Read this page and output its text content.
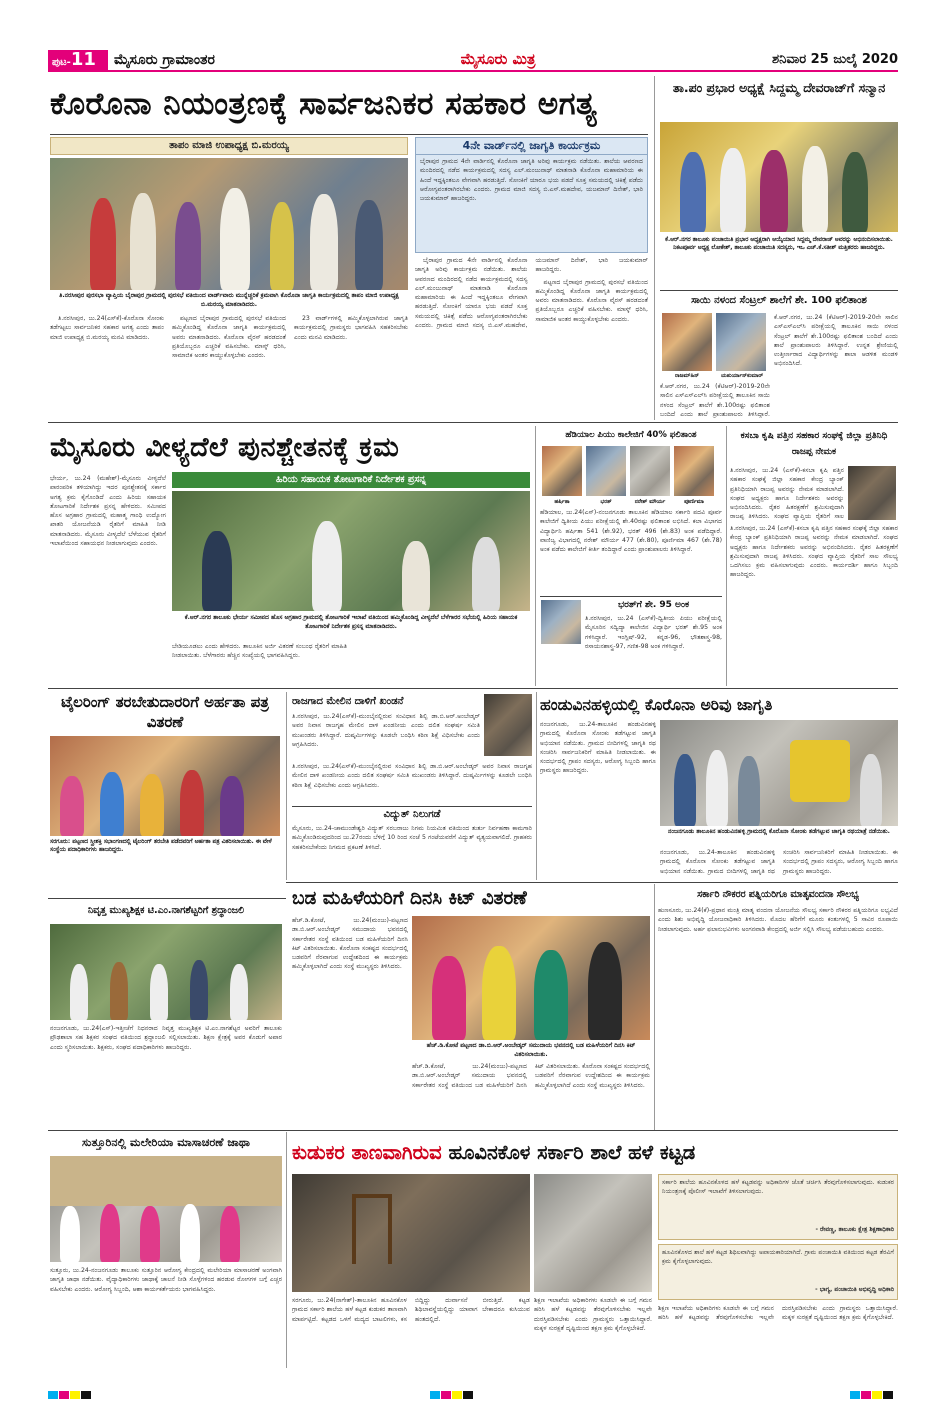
ಪುಟ-11	ಮೈಸೂರು ಗ್ರಾಮಾಂತರ	ಮೈಸೂರು ಮಿತ್ರ	ಶನಿವಾರ 25 ಜುಲೈ 2020
ಕೊರೊನಾ ನಿಯಂತ್ರಣಕ್ಕೆ ಸಾರ್ವಜನಿಕರ ಸಹಕಾರ ಅಗತ್ಯ
ತಾಪಂ ಮಾಜಿ ಉಪಾಧ್ಯಕ್ಷ ಬಿ.ಮರಯ್ಯ
ತಿ.ನರಸೀಪುರ ಪುರಸಭಾ ವ್ಯಾಪ್ತಿಯ ಬೈರಾಪುರ ಗ್ರಾಮದಲ್ಲಿ ಪುರಸಭೆ ವತಿಯಿಂದ ವಾರ್ಡ್‌ವಾರು ಮುನ್ನೆಚ್ಚರಿಕೆ ಕ್ರಮವಾಗಿ ಕೊರೊನಾ ಜಾಗೃತಿ ಕಾರ್ಯಕ್ರಮದಲ್ಲಿ ತಾಪಂ ಮಾಜಿ ಉಪಾಧ್ಯಕ್ಷ ಬಿ.ಮರಯ್ಯ ಮಾತನಾಡಿದರು.

ತಿ.ನರಸೀಪುರ, ಜು.24(ಎಸ್‌ಕೆ)-ಕೊರೊನಾ ಸೋಂಕು ತಡೆಗಟ್ಟಲು ಸಾರ್ವಜನಿಕರ ಸಹಕಾರ ಅಗತ್ಯ ಎಂದು ತಾಪಂ ಮಾಜಿ ಉಪಾಧ್ಯಕ್ಷ ಬಿ.ಮರಯ್ಯ ಮನವಿ ಮಾಡಿದರು.

ಪಟ್ಟಣದ ಬೈರಾಪುರ ಗ್ರಾಮದಲ್ಲಿ ಪುರಸಭೆ ವತಿಯಿಂದ ಹಮ್ಮಿಕೊಂಡಿದ್ದ ಕೊರೊನಾ ಜಾಗೃತಿ ಕಾರ್ಯಕ್ರಮದಲ್ಲಿ ಅವರು ಮಾತನಾಡಿದರು. ಕೊರೊನಾ ವೈರಸ್ ಹರಡದಂತೆ ಪ್ರತಿಯೊಬ್ಬರೂ ಎಚ್ಚರಿಕೆ ವಹಿಸಬೇಕು. ಮಾಸ್ಕ್ ಧರಿಸಿ, ಸಾಮಾಜಿಕ ಅಂತರ ಕಾಯ್ದುಕೊಳ್ಳಬೇಕು ಎಂದರು.

23 ವಾರ್ಡ್‌ಗಳಲ್ಲಿ ಹಮ್ಮಿಕೊಳ್ಳಲಾಗಿರುವ ಜಾಗೃತಿ ಕಾರ್ಯಕ್ರಮದಲ್ಲಿ ಗ್ರಾಮಸ್ಥರು ಭಾಗವಹಿಸಿ ಸಹಕರಿಸಬೇಕು ಎಂದು ಮನವಿ ಮಾಡಿದರು.

4ನೇ ವಾರ್ಡ್‌ನಲ್ಲಿ ಜಾಗೃತಿ ಕಾರ್ಯಕ್ರಮ
ಬೈರಾಪುರ ಗ್ರಾಮದ 4ನೇ ವಾರ್ಡಿನಲ್ಲಿ ಕೊರೊನಾ ಜಾಗೃತಿ ಅರಿವು ಕಾರ್ಯಕ್ರಮ ನಡೆಯಿತು. ಶಾಲೆಯ ಆವರಣದ ಮಂದಿರದಲ್ಲಿ ನಡೆದ ಕಾರ್ಯಕ್ರಮದಲ್ಲಿ ಸದಸ್ಯ ಎಲ್.ಮಂಜುನಾಥ್ ಮಾತನಾಡಿ ಕೊರೊನಾ ಮಹಾಮಾರಿಯ ಈ ಹಿಂದೆ ಇದ್ದಕ್ಕಿಂತಲೂ ವೇಗವಾಗಿ ಹರಡುತ್ತಿದೆ. ಸೋಂಕಿಗೆ ಯಾರೂ ಭಯ ಪಡದೆ ಸೂಕ್ತ ಸಮಯದಲ್ಲಿ ಚಿಕಿತ್ಸೆ ಪಡೆದು ಆರೋಗ್ಯವಂತರಾಗಿರಬೇಕು ಎಂದರು. ಗ್ರಾಮದ ಮಾಜಿ ಸದಸ್ಯ ಬಿ.ಎಸ್.ಮಹದೇವ, ಯಜಮಾನ್ ದಿನೇಶ್, ಭಾರಿ ಜಯಕುಮಾರ್ ಹಾಜರಿದ್ದರು.

ಬೈರಾಪುರ ಗ್ರಾಮದ 4ನೇ ವಾರ್ಡಿನಲ್ಲಿ ಕೊರೊನಾ ಜಾಗೃತಿ ಅರಿವು ಕಾರ್ಯಕ್ರಮ ನಡೆಯಿತು. ಶಾಲೆಯ ಆವರಣದ ಮಂದಿರದಲ್ಲಿ ನಡೆದ ಕಾರ್ಯಕ್ರಮದಲ್ಲಿ ಸದಸ್ಯ ಎಲ್.ಮಂಜುನಾಥ್ ಮಾತನಾಡಿ ಕೊರೊನಾ ಮಹಾಮಾರಿಯ ಈ ಹಿಂದೆ ಇದ್ದಕ್ಕಿಂತಲೂ ವೇಗವಾಗಿ ಹರಡುತ್ತಿದೆ. ಸೋಂಕಿಗೆ ಯಾರೂ ಭಯ ಪಡದೆ ಸೂಕ್ತ ಸಮಯದಲ್ಲಿ ಚಿಕಿತ್ಸೆ ಪಡೆದು ಆರೋಗ್ಯವಂತರಾಗಿರಬೇಕು ಎಂದರು. ಗ್ರಾಮದ ಮಾಜಿ ಸದಸ್ಯ ಬಿ.ಎಸ್.ಮಹದೇವ, ಯಜಮಾನ್ ದಿನೇಶ್, ಭಾರಿ ಜಯಕುಮಾರ್ ಹಾಜರಿದ್ದರು.

ಪಟ್ಟಣದ ಬೈರಾಪುರ ಗ್ರಾಮದಲ್ಲಿ ಪುರಸಭೆ ವತಿಯಿಂದ ಹಮ್ಮಿಕೊಂಡಿದ್ದ ಕೊರೊನಾ ಜಾಗೃತಿ ಕಾರ್ಯಕ್ರಮದಲ್ಲಿ ಅವರು ಮಾತನಾಡಿದರು. ಕೊರೊನಾ ವೈರಸ್ ಹರಡದಂತೆ ಪ್ರತಿಯೊಬ್ಬರೂ ಎಚ್ಚರಿಕೆ ವಹಿಸಬೇಕು. ಮಾಸ್ಕ್ ಧರಿಸಿ, ಸಾಮಾಜಿಕ ಅಂತರ ಕಾಯ್ದುಕೊಳ್ಳಬೇಕು ಎಂದರು.

ತಾ.ಪಂ ಪ್ರಭಾರ ಅಧ್ಯಕ್ಷೆ ಸಿದ್ದಮ್ಮ ದೇವರಾಜ್‌ಗೆ ಸನ್ಮಾನ
ಕೆ.ಆರ್.ನಗರ ತಾಲೂಕು ಪಂಚಾಯಿತಿ ಪ್ರಭಾರ ಅಧ್ಯಕ್ಷರಾಗಿ ಆಯ್ಕೆಯಾದ ಸಿದ್ದಮ್ಮ ದೇವರಾಜ್ ಅವರನ್ನು ಅಭಿನಂದಿಸಲಾಯಿತು. ನಿಕಟಪೂರ್ವ ಅಧ್ಯಕ್ಷ ಲೋಕೇಶ್, ತಾಲೂಕು ಪಂಚಾಯಿತಿ ಸದಸ್ಯರು, ಇಒ ಎಚ್.ಕೆ.ಸತೀಶ್ ಮತ್ತಿತರರು ಹಾಜರಿದ್ದರು.
ಸಾಯಿ ನಳಂದ ಸೆಂಟ್ರಲ್ ಶಾಲೆಗೆ ಶೇ. 100 ಫಲಿತಾಂಶ
ರಾಜಮ್‌ಹಿನ್	ಯಶುರ್ಯಾನ್‌ಕುಮಾರ್
ಕೆ.ಆರ್.ನಗರ, ಜು.24 (ಕೆಟಿಆರ್)-2019-20ನೇ ಸಾಲಿನ ಎಸ್‌ಎಸ್‌ಎಲ್‌ಸಿ ಪರೀಕ್ಷೆಯಲ್ಲಿ ತಾಲೂಕಿನ ಸಾಯಿ ನಳಂದ ಸೆಂಟ್ರಲ್ ಶಾಲೆಗೆ ಶೇ.100ರಷ್ಟು ಫಲಿತಾಂಶ ಬಂದಿದೆ ಎಂದು ಶಾಲೆ ಪ್ರಾಂಶುಪಾಲರು ತಿಳಿಸಿದ್ದಾರೆ.
ಕೆ.ಆರ್.ನಗರ, ಜು.24 (ಕೆಟಿಆರ್)-2019-20ನೇ ಸಾಲಿನ ಎಸ್‌ಎಸ್‌ಎಲ್‌ಸಿ ಪರೀಕ್ಷೆಯಲ್ಲಿ ತಾಲೂಕಿನ ಸಾಯಿ ನಳಂದ ಸೆಂಟ್ರಲ್ ಶಾಲೆಗೆ ಶೇ.100ರಷ್ಟು ಫಲಿತಾಂಶ ಬಂದಿದೆ ಎಂದು ಶಾಲೆ ಪ್ರಾಂಶುಪಾಲರು ತಿಳಿಸಿದ್ದಾರೆ. ಉನ್ನತ ಶ್ರೇಣಿಯಲ್ಲಿ ಉತ್ತೀರ್ಣರಾದ ವಿದ್ಯಾರ್ಥಿಗಳನ್ನು ಶಾಲಾ ಆಡಳಿತ ಮಂಡಳಿ ಅಭಿನಂದಿಸಿದೆ.
ಮೈಸೂರು ವೀಳ್ಯದೆಲೆ ಪುನಶ್ಚೇತನಕ್ಕೆ ಕ್ರಮ
ಹಿರಿಯ ಸಹಾಯಕ ತೋಟಗಾರಿಕೆ ನಿರ್ದೇಶಕ ಪ್ರಸನ್ನ
ಭೇರ್ಯ, ಜು.24 (ಮಹೇಶ್)-ಮೈಸೂರು ವೀಳ್ಯದೆಲೆ ಪಾರಂಪರಿಕ ತಳಿಯಾಗಿದ್ದು ಇದರ ಪುನಶ್ಚೇತನಕ್ಕೆ ಸರ್ಕಾರ ಅಗತ್ಯ ಕ್ರಮ ಕೈಗೊಂಡಿದೆ ಎಂದು ಹಿರಿಯ ಸಹಾಯಕ ತೋಟಗಾರಿಕೆ ನಿರ್ದೇಶಕ ಪ್ರಸನ್ನ ಹೇಳಿದರು. ಸಮೀಪದ ಹೊಸ ಅಗ್ರಹಾರ ಗ್ರಾಮದಲ್ಲಿ ಮಹಾತ್ಮ ಗಾಂಧಿ ಉದ್ಯೋಗ ಖಾತರಿ ಯೋಜನೆಯಡಿ ರೈತರಿಗೆ ಮಾಹಿತಿ ನೀಡಿ ಮಾತನಾಡಿದರು. ಮೈಸೂರು ವೀಳ್ಯದೆಲೆ ಬೆಳೆಯುವ ರೈತರಿಗೆ ಇಲಾಖೆಯಿಂದ ಸಹಾಯಧನ ನೀಡಲಾಗುವುದು ಎಂದರು.
ಕೆ.ಆರ್.ನಗರ ತಾಲೂಕು ಭೇರ್ಯ ಸಮೀಪದ ಹೊಸ ಅಗ್ರಹಾರ ಗ್ರಾಮದಲ್ಲಿ ತೋಟಗಾರಿಕೆ ಇಲಾಖೆ ವತಿಯಿಂದ ಹಮ್ಮಿಕೊಂಡಿದ್ದ ವೀಳ್ಯದೆಲೆ ಬೆಳೆಗಾರರ ಸಭೆಯಲ್ಲಿ ಹಿರಿಯ ಸಹಾಯಕ ತೋಟಗಾರಿಕೆ ನಿರ್ದೇಶಕ ಪ್ರಸನ್ನ ಮಾತನಾಡಿದರು.
ಬೇಡಿಯೂಡಲು ಎಂದು ಹೇಳಿದರು. ತಾಲೂಕಿನ ಅರ್ಜಿ ವಿತರಣೆ ಸಂಬಂಧ ರೈತರಿಗೆ ಮಾಹಿತಿ ನೀಡಲಾಯಿತು. ಬೆಳೆಗಾರರು ಹೆಚ್ಚಿನ ಸಂಖ್ಯೆಯಲ್ಲಿ ಭಾಗವಹಿಸಿದ್ದರು.
ಹೆಡಿಯಾಲ ಪಿಯು ಕಾಲೇಜಿಗೆ 40% ಫಲಿತಾಂಶ
ಹರ್ಷಿತಾ	ಭರತ್	ನರೇಶ್ ಮೌರ್ಯ	ಪೂರ್ಣಿಮಾ
ಹೆಡಿಯಾಲ, ಜು.24(ಎಸ್)-ನಂಜನಗೂಡು ತಾಲೂಕಿನ ಹೆಡಿಯಾಲ ಸರ್ಕಾರಿ ಪದವಿ ಪೂರ್ವ ಕಾಲೇಜಿಗೆ ದ್ವಿತೀಯ ಪಿಯು ಪರೀಕ್ಷೆಯಲ್ಲಿ ಶೇ.40ರಷ್ಟು ಫಲಿತಾಂಶ ಲಭಿಸಿದೆ. ಕಲಾ ವಿಭಾಗದ ವಿದ್ಯಾರ್ಥಿನಿ ಹರ್ಷಿತಾ 541 (ಶೇ.92), ಭರತ್ 496 (ಶೇ.83) ಅಂಕ ಪಡೆದಿದ್ದಾರೆ. ವಾಣಿಜ್ಯ ವಿಭಾಗದಲ್ಲಿ ನರೇಶ್ ಮೌರ್ಯ 477 (ಶೇ.80), ಪೂರ್ಣಿಮಾ 467 (ಶೇ.78) ಅಂಕ ಪಡೆದು ಕಾಲೇಜಿಗೆ ಕೀರ್ತಿ ತಂದಿದ್ದಾರೆ ಎಂದು ಪ್ರಾಂಶುಪಾಲರು ತಿಳಿಸಿದ್ದಾರೆ.
ಭರತ್‌ಗೆ ಶೇ. 95 ಅಂಕ
ತಿ.ನರಸೀಪುರ, ಜು.24 (ಎಸ್‌ಕೆ)-ದ್ವಿತೀಯ ಪಿಯು ಪರೀಕ್ಷೆಯಲ್ಲಿ ಮೈಸೂರಿನ ಸದ್ವಿದ್ಯಾ ಕಾಲೇಜಿನ ವಿದ್ಯಾರ್ಥಿ ಭರತ್ ಶೇ.95 ಅಂಕ ಗಳಿಸಿದ್ದಾರೆ. ಇಂಗ್ಲಿಷ್-92, ಕನ್ನಡ-96, ಭೌತಶಾಸ್ತ್ರ-98, ರಸಾಯನಶಾಸ್ತ್ರ-97, ಗಣಿತ-98 ಅಂಕ ಗಳಿಸಿದ್ದಾರೆ.
ಕಸಬಾ ಕೃಷಿ ಪತ್ತಿನ ಸಹಕಾರ ಸಂಘಕ್ಕೆ ಜಿಲ್ಲಾ ಪ್ರತಿನಿಧಿ ರಾಜಪ್ಪ ನೇಮಕ
ತಿ.ನರಸೀಪುರ, ಜು.24 (ಎಸ್‌ಕೆ)-ಕಸಬಾ ಕೃಷಿ ಪತ್ತಿನ ಸಹಕಾರ ಸಂಘಕ್ಕೆ ಜಿಲ್ಲಾ ಸಹಕಾರ ಕೇಂದ್ರ ಬ್ಯಾಂಕ್ ಪ್ರತಿನಿಧಿಯಾಗಿ ರಾಜಪ್ಪ ಅವರನ್ನು ನೇಮಕ ಮಾಡಲಾಗಿದೆ. ಸಂಘದ ಅಧ್ಯಕ್ಷರು ಹಾಗೂ ನಿರ್ದೇಶಕರು ಅವರನ್ನು ಅಭಿನಂದಿಸಿದರು. ರೈತರ ಹಿತರಕ್ಷಣೆಗೆ ಶ್ರಮಿಸುವುದಾಗಿ ರಾಜಪ್ಪ ತಿಳಿಸಿದರು. ಸಂಘದ ವ್ಯಾಪ್ತಿಯ ರೈತರಿಗೆ ಸಾಲ
ತಿ.ನರಸೀಪುರ, ಜು.24 (ಎಸ್‌ಕೆ)-ಕಸಬಾ ಕೃಷಿ ಪತ್ತಿನ ಸಹಕಾರ ಸಂಘಕ್ಕೆ ಜಿಲ್ಲಾ ಸಹಕಾರ ಕೇಂದ್ರ ಬ್ಯಾಂಕ್ ಪ್ರತಿನಿಧಿಯಾಗಿ ರಾಜಪ್ಪ ಅವರನ್ನು ನೇಮಕ ಮಾಡಲಾಗಿದೆ. ಸಂಘದ ಅಧ್ಯಕ್ಷರು ಹಾಗೂ ನಿರ್ದೇಶಕರು ಅವರನ್ನು ಅಭಿನಂದಿಸಿದರು. ರೈತರ ಹಿತರಕ್ಷಣೆಗೆ ಶ್ರಮಿಸುವುದಾಗಿ ರಾಜಪ್ಪ ತಿಳಿಸಿದರು. ಸಂಘದ ವ್ಯಾಪ್ತಿಯ ರೈತರಿಗೆ ಸಾಲ ಸೌಲಭ್ಯ ಒದಗಿಸಲು ಕ್ರಮ ವಹಿಸಲಾಗುವುದು ಎಂದರು. ಕಾರ್ಯದರ್ಶಿ ಹಾಗೂ ಸಿಬ್ಬಂದಿ ಹಾಜರಿದ್ದರು.
ಟೈಲರಿಂಗ್ ತರಬೇತುದಾರರಿಗೆ ಅರ್ಹತಾ ಪತ್ರ ವಿತರಣೆ
ಸರಗೂರು: ಪಟ್ಟಣದ ಸ್ತ್ರೀಶಕ್ತಿ ಸಭಾಂಗಣದಲ್ಲಿ ಟೈಲರಿಂಗ್ ತರಬೇತಿ ಪಡೆದವರಿಗೆ ಅರ್ಹತಾ ಪತ್ರ ವಿತರಿಸಲಾಯಿತು. ಈ ವೇಳೆ ಸಂಸ್ಥೆಯ ಪದಾಧಿಕಾರಿಗಳು ಹಾಜರಿದ್ದರು.
ರಾಜಗಾದ ಮೇಲಿನ ದಾಳಿಗೆ ಖಂಡನೆ
ತಿ.ನರಸೀಪುರ, ಜು.24(ಎಸ್‌ಕೆ)-ಮುಂಬೈನಲ್ಲಿರುವ ಸಂವಿಧಾನ ಶಿಲ್ಪಿ ಡಾ.ಬಿ.ಆರ್.ಅಂಬೇಡ್ಕರ್ ಅವರ ನಿವಾಸ ರಾಜಗೃಹ ಮೇಲಿನ ದಾಳಿ ಖಂಡನೀಯ ಎಂದು ದಲಿತ ಸಂಘರ್ಷ ಸಮಿತಿ ಮುಖಂಡರು ತಿಳಿಸಿದ್ದಾರೆ. ದುಷ್ಕರ್ಮಿಗಳನ್ನು ಕೂಡಲೇ ಬಂಧಿಸಿ ಕಠಿಣ ಶಿಕ್ಷೆ ವಿಧಿಸಬೇಕು ಎಂದು ಆಗ್ರಹಿಸಿದರು.
ತಿ.ನರಸೀಪುರ, ಜು.24(ಎಸ್‌ಕೆ)-ಮುಂಬೈನಲ್ಲಿರುವ ಸಂವಿಧಾನ ಶಿಲ್ಪಿ ಡಾ.ಬಿ.ಆರ್.ಅಂಬೇಡ್ಕರ್ ಅವರ ನಿವಾಸ ರಾಜಗೃಹ ಮೇಲಿನ ದಾಳಿ ಖಂಡನೀಯ ಎಂದು ದಲಿತ ಸಂಘರ್ಷ ಸಮಿತಿ ಮುಖಂಡರು ತಿಳಿಸಿದ್ದಾರೆ. ದುಷ್ಕರ್ಮಿಗಳನ್ನು ಕೂಡಲೇ ಬಂಧಿಸಿ ಕಠಿಣ ಶಿಕ್ಷೆ ವಿಧಿಸಬೇಕು ಎಂದು ಆಗ್ರಹಿಸಿದರು.
ವಿದ್ಯುತ್ ನಿಲುಗಡೆ
ಮೈಸೂರು, ಜು.24-ಚಾಮುಂಡೇಶ್ವರಿ ವಿದ್ಯುತ್ ಸರಬರಾಜು ನಿಗಮ ನಿಯಮಿತ ವತಿಯಿಂದ ತುರ್ತು ನಿರ್ವಹಣಾ ಕಾಮಗಾರಿ ಹಮ್ಮಿಕೊಂಡಿರುವುದರಿಂದ ಜು.27ರಂದು ಬೆಳಿಗ್ಗೆ 10 ರಿಂದ ಸಂಜೆ 5 ಗಂಟೆಯವರೆಗೆ ವಿದ್ಯುತ್ ವ್ಯತ್ಯಯವಾಗಲಿದೆ. ಗ್ರಾಹಕರು ಸಹಕರಿಸಬೇಕೆಂದು ನಿಗಮದ ಪ್ರಕಟಣೆ ತಿಳಿಸಿದೆ.
ಹಂಡುವಿನಹಳ್ಳಿಯಲ್ಲಿ ಕೊರೊನಾ ಅರಿವು ಜಾಗೃತಿ
ನಂಜನಗೂಡು, ಜು.24-ತಾಲೂಕಿನ ಹಂಡುವಿನಹಳ್ಳಿ ಗ್ರಾಮದಲ್ಲಿ ಕೊರೊನಾ ಸೋಂಕು ತಡೆಗಟ್ಟುವ ಜಾಗೃತಿ ಅಭಿಯಾನ ನಡೆಯಿತು. ಗ್ರಾಮದ ಬೀದಿಗಳಲ್ಲಿ ಜಾಗೃತಿ ರಥ ಸಂಚರಿಸಿ ಸಾರ್ವಜನಿಕರಿಗೆ ಮಾಹಿತಿ ನೀಡಲಾಯಿತು. ಈ ಸಂದರ್ಭದಲ್ಲಿ ಗ್ರಾಪಂ ಸದಸ್ಯರು, ಆರೋಗ್ಯ ಸಿಬ್ಬಂದಿ ಹಾಗೂ ಗ್ರಾಮಸ್ಥರು ಹಾಜರಿದ್ದರು.
ನಂಜನಗೂಡು ತಾಲೂಕಿನ ಹಂಡುವಿನಹಳ್ಳಿ ಗ್ರಾಮದಲ್ಲಿ ಕೊರೊನಾ ಸೋಂಕು ತಡೆಗಟ್ಟುವ ಜಾಗೃತಿ ರಥಯಾತ್ರೆ ನಡೆಯಿತು.
ನಂಜನಗೂಡು, ಜು.24-ತಾಲೂಕಿನ ಹಂಡುವಿನಹಳ್ಳಿ ಗ್ರಾಮದಲ್ಲಿ ಕೊರೊನಾ ಸೋಂಕು ತಡೆಗಟ್ಟುವ ಜಾಗೃತಿ ಅಭಿಯಾನ ನಡೆಯಿತು. ಗ್ರಾಮದ ಬೀದಿಗಳಲ್ಲಿ ಜಾಗೃತಿ ರಥ ಸಂಚರಿಸಿ ಸಾರ್ವಜನಿಕರಿಗೆ ಮಾಹಿತಿ ನೀಡಲಾಯಿತು. ಈ ಸಂದರ್ಭದಲ್ಲಿ ಗ್ರಾಪಂ ಸದಸ್ಯರು, ಆರೋಗ್ಯ ಸಿಬ್ಬಂದಿ ಹಾಗೂ ಗ್ರಾಮಸ್ಥರು ಹಾಜರಿದ್ದರು.
ನಿವೃತ್ತ ಮುಖ್ಯಶಿಕ್ಷಕ ಟಿ.ಎಂ.ನಾಗಶೆಟ್ಟರಿಗೆ ಶ್ರದ್ಧಾಂಜಲಿ
ನಂಜನಗೂಡು, ಜು.24(ಎಸ್)-ಇತ್ತೀಚೆಗೆ ನಿಧನರಾದ ನಿವೃತ್ತ ಮುಖ್ಯಶಿಕ್ಷಕ ಟಿ.ಎಂ.ನಾಗಶೆಟ್ಟರ ಅವರಿಗೆ ತಾಲೂಕು ಪ್ರೌಢಶಾಲಾ ಸಹ ಶಿಕ್ಷಕರ ಸಂಘದ ವತಿಯಿಂದ ಶ್ರದ್ಧಾಂಜಲಿ ಸಲ್ಲಿಸಲಾಯಿತು. ಶಿಕ್ಷಣ ಕ್ಷೇತ್ರಕ್ಕೆ ಅವರ ಕೊಡುಗೆ ಅಪಾರ ಎಂದು ಸ್ಮರಿಸಲಾಯಿತು. ಶಿಕ್ಷಕರು, ಸಂಘದ ಪದಾಧಿಕಾರಿಗಳು ಹಾಜರಿದ್ದರು.
ಬಡ ಮಹಿಳೆಯರಿಗೆ ದಿನಸಿ ಕಿಟ್ ವಿತರಣೆ
ಹೆಚ್.ಡಿ.ಕೋಟೆ, ಜು.24(ಮಂಜು)-ಪಟ್ಟಣದ ಡಾ.ಬಿ.ಆರ್.ಅಂಬೇಡ್ಕರ್ ಸಮುದಾಯ ಭವನದಲ್ಲಿ ಸರ್ಕಾರೇತರ ಸಂಸ್ಥೆ ವತಿಯಿಂದ ಬಡ ಮಹಿಳೆಯರಿಗೆ ದಿನಸಿ ಕಿಟ್ ವಿತರಿಸಲಾಯಿತು. ಕೊರೊನಾ ಸಂಕಷ್ಟದ ಸಂದರ್ಭದಲ್ಲಿ ಬಡವರಿಗೆ ನೆರವಾಗುವ ಉದ್ದೇಶದಿಂದ ಈ ಕಾರ್ಯಕ್ರಮ ಹಮ್ಮಿಕೊಳ್ಳಲಾಗಿದೆ ಎಂದು ಸಂಸ್ಥೆ ಮುಖ್ಯಸ್ಥರು ತಿಳಿಸಿದರು.
ಹೆಚ್.ಡಿ.ಕೋಟೆ ಪಟ್ಟಣದ ಡಾ.ಬಿ.ಆರ್.ಅಂಬೇಡ್ಕರ್ ಸಮುದಾಯ ಭವನದಲ್ಲಿ ಬಡ ಮಹಿಳೆಯರಿಗೆ ದಿನಸಿ ಕಿಟ್ ವಿತರಿಸಲಾಯಿತು.
ಹೆಚ್.ಡಿ.ಕೋಟೆ, ಜು.24(ಮಂಜು)-ಪಟ್ಟಣದ ಡಾ.ಬಿ.ಆರ್.ಅಂಬೇಡ್ಕರ್ ಸಮುದಾಯ ಭವನದಲ್ಲಿ ಸರ್ಕಾರೇತರ ಸಂಸ್ಥೆ ವತಿಯಿಂದ ಬಡ ಮಹಿಳೆಯರಿಗೆ ದಿನಸಿ ಕಿಟ್ ವಿತರಿಸಲಾಯಿತು. ಕೊರೊನಾ ಸಂಕಷ್ಟದ ಸಂದರ್ಭದಲ್ಲಿ ಬಡವರಿಗೆ ನೆರವಾಗುವ ಉದ್ದೇಶದಿಂದ ಈ ಕಾರ್ಯಕ್ರಮ ಹಮ್ಮಿಕೊಳ್ಳಲಾಗಿದೆ ಎಂದು ಸಂಸ್ಥೆ ಮುಖ್ಯಸ್ಥರು ತಿಳಿಸಿದರು.
ಸರ್ಕಾರಿ ನೌಕರರ ಪತ್ನಿಯರಿಗೂ ಮಾತೃವಂದನಾ ಸೌಲಭ್ಯ
ಹುಣಸೂರು, ಜು.24(ಕೆ)-ಪ್ರಧಾನ ಮಂತ್ರಿ ಮಾತೃ ವಂದನಾ ಯೋಜನೆಯ ಸೌಲಭ್ಯ ಸರ್ಕಾರಿ ನೌಕರರ ಪತ್ನಿಯರಿಗೂ ಲಭ್ಯವಿದೆ ಎಂದು ಶಿಶು ಅಭಿವೃದ್ಧಿ ಯೋಜನಾಧಿಕಾರಿ ತಿಳಿಸಿದರು. ಮೊದಲ ಹೆರಿಗೆಗೆ ಮೂರು ಕಂತುಗಳಲ್ಲಿ 5 ಸಾವಿರ ರೂಪಾಯಿ ನೀಡಲಾಗುವುದು. ಅರ್ಹ ಫಲಾನುಭವಿಗಳು ಅಂಗನವಾಡಿ ಕೇಂದ್ರದಲ್ಲಿ ಅರ್ಜಿ ಸಲ್ಲಿಸಿ ಸೌಲಭ್ಯ ಪಡೆಯಬಹುದು ಎಂದರು.
ಸುತ್ತೂರಿನಲ್ಲಿ ಮಲೇರಿಯಾ ಮಾಸಾಚರಣೆ ಜಾಥಾ
ಸುತ್ತೂರು, ಜು.24-ನಂಜನಗೂಡು ತಾಲೂಕು ಸುತ್ತೂರಿನ ಆರೋಗ್ಯ ಕೇಂದ್ರದಲ್ಲಿ ಮಲೇರಿಯಾ ಮಾಸಾಚರಣೆ ಅಂಗವಾಗಿ ಜಾಗೃತಿ ಜಾಥಾ ನಡೆಯಿತು. ವೈದ್ಯಾಧಿಕಾರಿಗಳು ಜಾಥಾಕ್ಕೆ ಚಾಲನೆ ನೀಡಿ ಸೊಳ್ಳೆಗಳಿಂದ ಹರಡುವ ರೋಗಗಳ ಬಗ್ಗೆ ಎಚ್ಚರ ವಹಿಸಬೇಕು ಎಂದರು. ಆರೋಗ್ಯ ಸಿಬ್ಬಂದಿ, ಆಶಾ ಕಾರ್ಯಕರ್ತೆಯರು ಭಾಗವಹಿಸಿದ್ದರು.
ಕುಡುಕರ ತಾಣವಾಗಿರುವ ಹೂವಿನಕೊಳ ಸರ್ಕಾರಿ ಶಾಲೆ ಹಳೆ ಕಟ್ಟಡ
ಸರಗೂರು, ಜು.24(ನಾಗೇಶ್)-ತಾಲೂಕಿನ ಹೂವಿನಕೊಳ ಗ್ರಾಮದ ಸರ್ಕಾರಿ ಶಾಲೆಯ ಹಳೆ ಕಟ್ಟಡ ಕುಡುಕರ ತಾಣವಾಗಿ ಮಾರ್ಪಟ್ಟಿದೆ. ಕಟ್ಟಡದ ಒಳಗೆ ಮದ್ಯದ ಬಾಟಲಿಗಳು, ಕಸ ಬಿದ್ದಿದ್ದು ದುರ್ವಾಸನೆ ಬೀರುತ್ತಿದೆ. ಕಟ್ಟಡ ಶಿಥಿಲಾವಸ್ಥೆಯಲ್ಲಿದ್ದು ಯಾವಾಗ ಬೇಕಾದರೂ ಕುಸಿಯುವ ಹಂತದಲ್ಲಿದೆ.
ಶಿಕ್ಷಣ ಇಲಾಖೆಯ ಅಧಿಕಾರಿಗಳು ಕೂಡಲೇ ಈ ಬಗ್ಗೆ ಗಮನ ಹರಿಸಿ ಹಳೆ ಕಟ್ಟಡವನ್ನು ತೆರವುಗೊಳಿಸಬೇಕು ಇಲ್ಲವೇ ದುರಸ್ತಿಪಡಿಸಬೇಕು ಎಂದು ಗ್ರಾಮಸ್ಥರು ಒತ್ತಾಯಿಸಿದ್ದಾರೆ. ಮಕ್ಕಳ ಸುರಕ್ಷತೆ ದೃಷ್ಟಿಯಿಂದ ತಕ್ಷಣ ಕ್ರಮ ಕೈಗೊಳ್ಳಬೇಕಿದೆ.
ಸರ್ಕಾರಿ ಶಾಲೆಯ ಹೂವಿನಕೊಳದ ಹಳೆ ಕಟ್ಟಡವನ್ನು ಅಧಿಕಾರಿಗಳ ಜೊತೆ ಚರ್ಚಿಸಿ ತೆರವುಗೊಳಿಸಲಾಗುವುದು. ಕುಡುಕರ ನಿಯಂತ್ರಣಕ್ಕೆ ಪೊಲೀಸ್ ಇಲಾಖೆಗೆ ತಿಳಿಸಲಾಗುವುದು.
- ರೇವಣ್ಣ, ತಾಲೂಕು ಕ್ಷೇತ್ರ ಶಿಕ್ಷಣಾಧಿಕಾರಿ
ಹೂವಿನಕೊಳದ ಶಾಲೆ ಹಳೆ ಕಟ್ಟಡ ಶಿಥಿಲವಾಗಿದ್ದು ಅಪಾಯಕಾರಿಯಾಗಿದೆ. ಗ್ರಾಮ ಪಂಚಾಯಿತಿ ವತಿಯಿಂದ ಕಟ್ಟಡ ತೆರವಿಗೆ ಕ್ರಮ ಕೈಗೊಳ್ಳಲಾಗುವುದು.
- ಭಾಗ್ಯ, ಪಂಚಾಯಿತಿ ಅಭಿವೃದ್ಧಿ ಅಧಿಕಾರಿ
ಶಿಕ್ಷಣ ಇಲಾಖೆಯ ಅಧಿಕಾರಿಗಳು ಕೂಡಲೇ ಈ ಬಗ್ಗೆ ಗಮನ ಹರಿಸಿ ಹಳೆ ಕಟ್ಟಡವನ್ನು ತೆರವುಗೊಳಿಸಬೇಕು ಇಲ್ಲವೇ ದುರಸ್ತಿಪಡಿಸಬೇಕು ಎಂದು ಗ್ರಾಮಸ್ಥರು ಒತ್ತಾಯಿಸಿದ್ದಾರೆ. ಮಕ್ಕಳ ಸುರಕ್ಷತೆ ದೃಷ್ಟಿಯಿಂದ ತಕ್ಷಣ ಕ್ರಮ ಕೈಗೊಳ್ಳಬೇಕಿದೆ.
